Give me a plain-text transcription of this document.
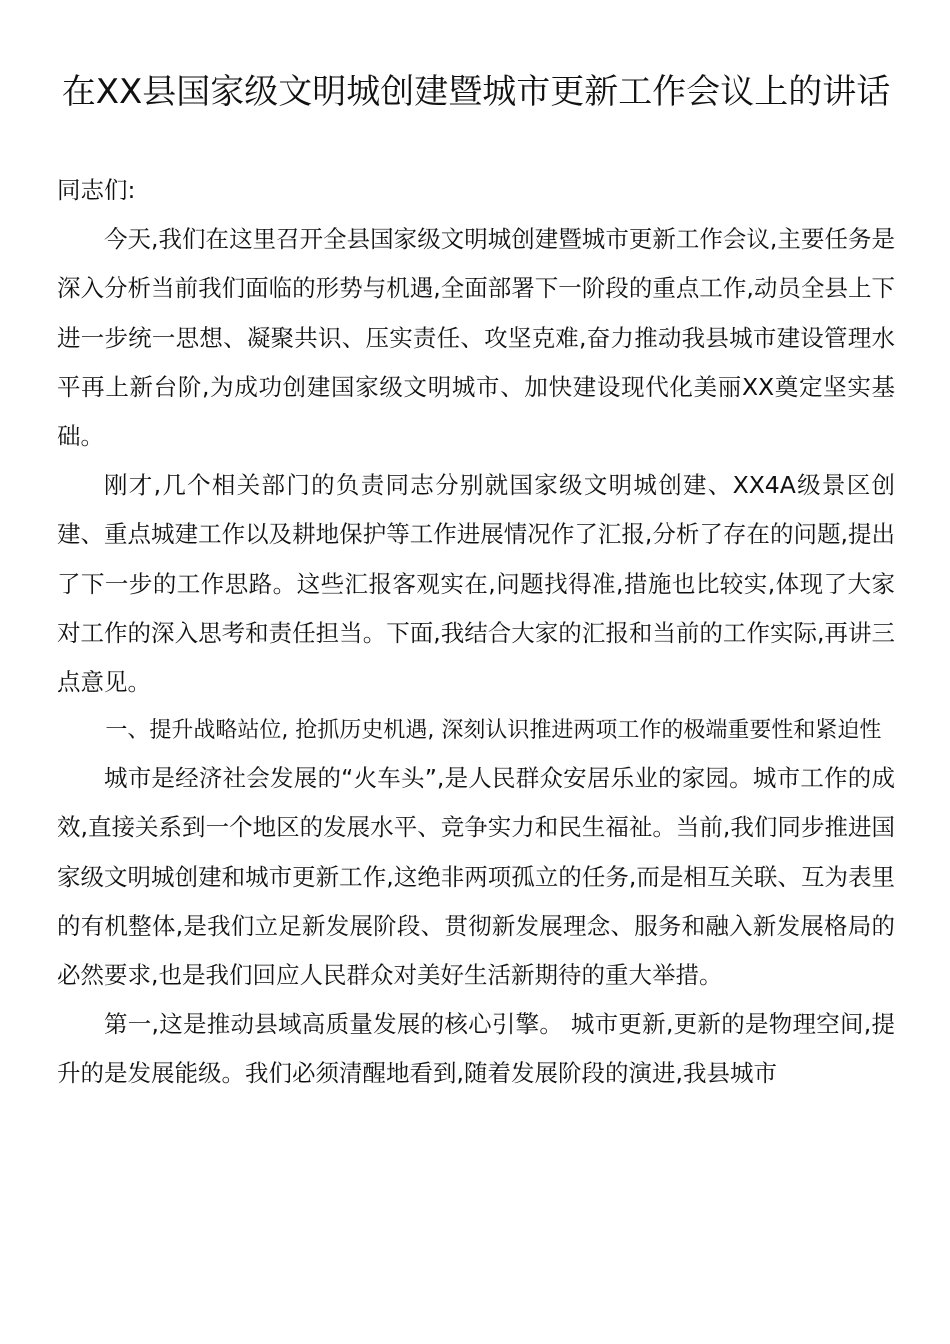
在XX县国家级文明城创建暨城市更新工作会议上的讲话

同志们:

今天,我们在这里召开全县国家级文明城创建暨城市更新工作会议,主要任务是深入分析当前我们面临的形势与机遇,全面部署下一阶段的重点工作,动员全县上下进一步统一思想、凝聚共识、压实责任、攻坚克难,奋力推动我县城市建设管理水平再上新台阶,为成功创建国家级文明城市、加快建设现代化美丽XX奠定坚实基础。

刚才,几个相关部门的负责同志分别就国家级文明城创建、XX4A级景区创建、重点城建工作以及耕地保护等工作进展情况作了汇报,分析了存在的问题,提出了下一步的工作思路。这些汇报客观实在,问题找得准,措施也比较实,体现了大家对工作的深入思考和责任担当。下面,我结合大家的汇报和当前的工作实际,再讲三点意见。

一、提升战略站位, 抢抓历史机遇, 深刻认识推进两项工作的极端重要性和紧迫性

城市是经济社会发展的“火车头”,是人民群众安居乐业的家园。城市工作的成效,直接关系到一个地区的发展水平、竞争实力和民生福祉。当前,我们同步推进国家级文明城创建和城市更新工作,这绝非两项孤立的任务,而是相互关联、互为表里的有机整体,是我们立足新发展阶段、贯彻新发展理念、服务和融入新发展格局的必然要求,也是我们回应人民群众对美好生活新期待的重大举措。

第一,这是推动县域高质量发展的核心引擎。 城市更新,更新的是物理空间,提升的是发展能级。我们必须清醒地看到,随着发展阶段的演进,我县城市
